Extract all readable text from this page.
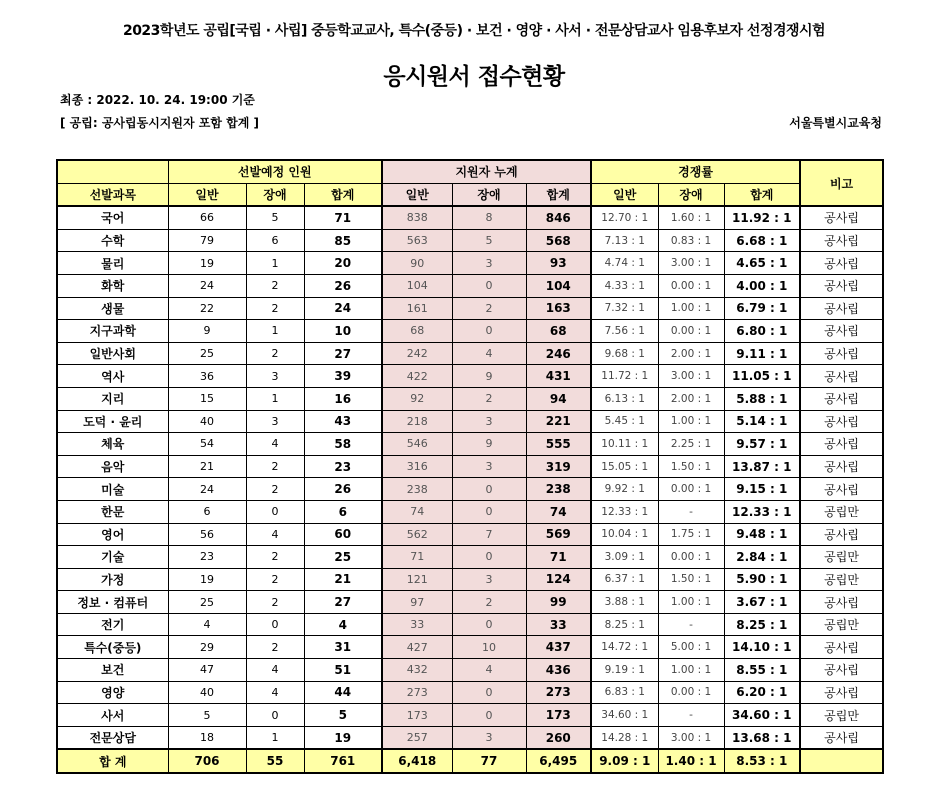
2023학년도 공립[국립 · 사립] 중등학교교사, 특수(중등) · 보건 · 영양 · 사서 · 전문상담교사 임용후보자 선정경쟁시험
응시원서 접수현황
최종 : 2022. 10. 24. 19:00 기준
[ 공립: 공사립동시지원자 포함 합계 ]	서울특별시교육청
	선발예정 인원			지원자 누계			경쟁률			비고
선발과목	일반	장애	합계	일반	장애	합계	일반	장애	합계	
국어	66	5	71	838	8	846	12.70 : 1	1.60 : 1	11.92 : 1	공사립
수학	79	6	85	563	5	568	7.13 : 1	0.83 : 1	6.68 : 1	공사립
물리	19	1	20	90	3	93	4.74 : 1	3.00 : 1	4.65 : 1	공사립
화학	24	2	26	104	0	104	4.33 : 1	0.00 : 1	4.00 : 1	공사립
생물	22	2	24	161	2	163	7.32 : 1	1.00 : 1	6.79 : 1	공사립
지구과학	9	1	10	68	0	68	7.56 : 1	0.00 : 1	6.80 : 1	공사립
일반사회	25	2	27	242	4	246	9.68 : 1	2.00 : 1	9.11 : 1	공사립
역사	36	3	39	422	9	431	11.72 : 1	3.00 : 1	11.05 : 1	공사립
지리	15	1	16	92	2	94	6.13 : 1	2.00 : 1	5.88 : 1	공사립
도덕 · 윤리	40	3	43	218	3	221	5.45 : 1	1.00 : 1	5.14 : 1	공사립
체육	54	4	58	546	9	555	10.11 : 1	2.25 : 1	9.57 : 1	공사립
음악	21	2	23	316	3	319	15.05 : 1	1.50 : 1	13.87 : 1	공사립
미술	24	2	26	238	0	238	9.92 : 1	0.00 : 1	9.15 : 1	공사립
한문	6	0	6	74	0	74	12.33 : 1	-	12.33 : 1	공립만
영어	56	4	60	562	7	569	10.04 : 1	1.75 : 1	9.48 : 1	공사립
기술	23	2	25	71	0	71	3.09 : 1	0.00 : 1	2.84 : 1	공립만
가정	19	2	21	121	3	124	6.37 : 1	1.50 : 1	5.90 : 1	공립만
정보 · 컴퓨터	25	2	27	97	2	99	3.88 : 1	1.00 : 1	3.67 : 1	공사립
전기	4	0	4	33	0	33	8.25 : 1	-	8.25 : 1	공립만
특수(중등)	29	2	31	427	10	437	14.72 : 1	5.00 : 1	14.10 : 1	공사립
보건	47	4	51	432	4	436	9.19 : 1	1.00 : 1	8.55 : 1	공사립
영양	40	4	44	273	0	273	6.83 : 1	0.00 : 1	6.20 : 1	공사립
사서	5	0	5	173	0	173	34.60 : 1	-	34.60 : 1	공립만
전문상담	18	1	19	257	3	260	14.28 : 1	3.00 : 1	13.68 : 1	공사립
합 계	706	55	761	6,418	77	6,495	9.09 : 1	1.40 : 1	8.53 : 1	
